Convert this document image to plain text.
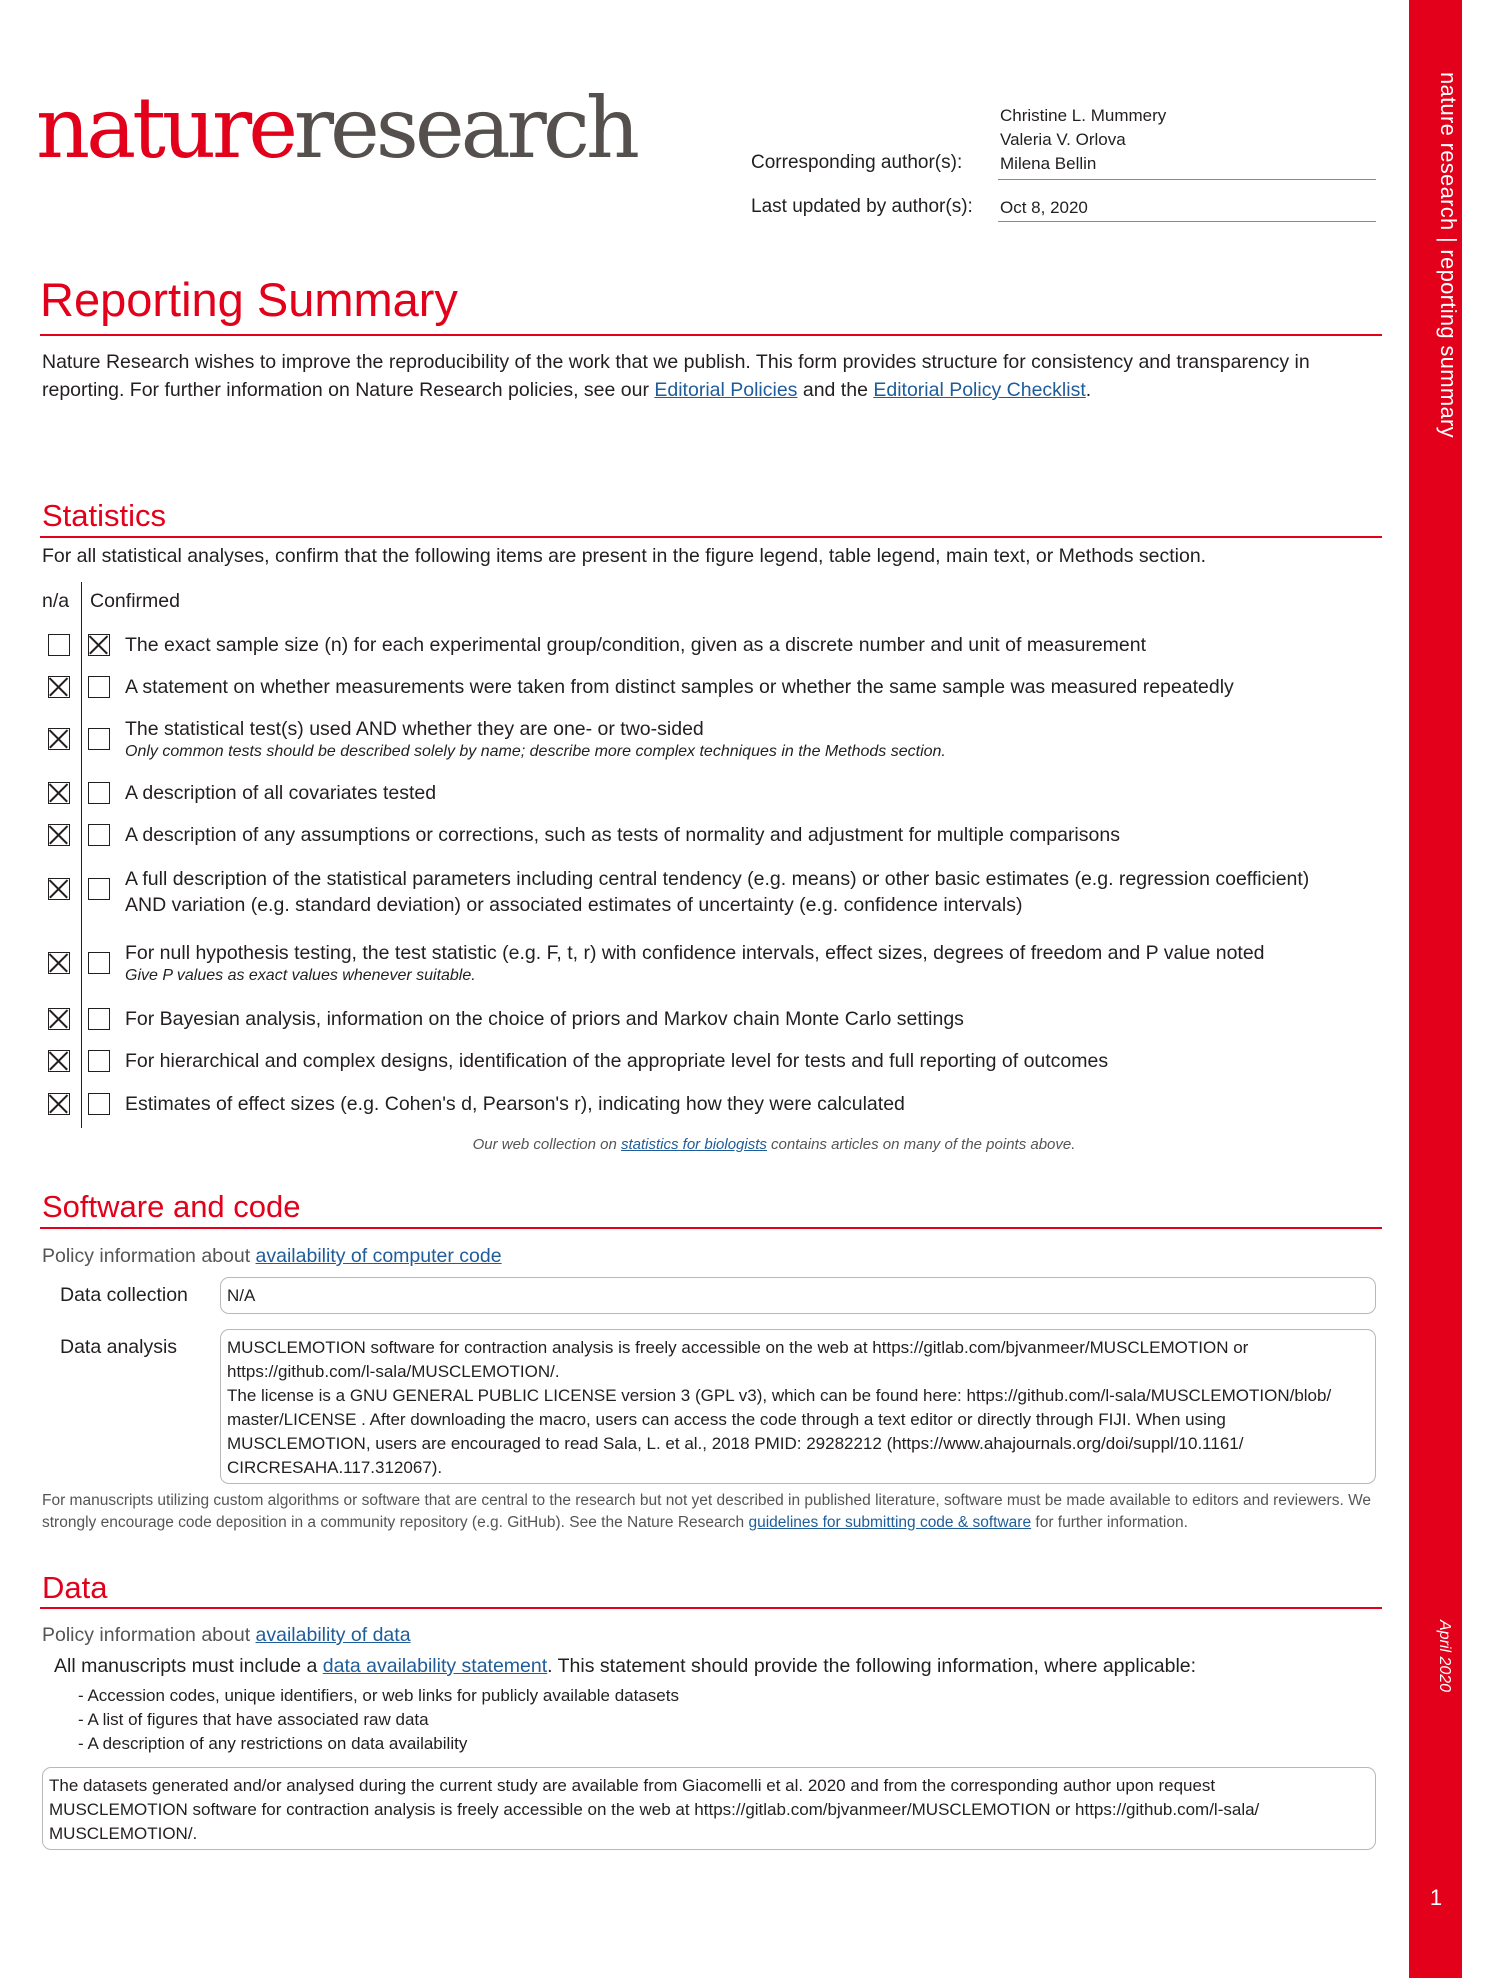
nature research | reporting summary
April 2020
1
natureresearch	Corresponding author(s):
Christine L. Mummery
Valeria V. Orlova
Milena Bellin
Last updated by author(s): Oct 8, 2020
Reporting Summary
Nature Research wishes to improve the reproducibility of the work that we publish. This form provides structure for consistency and transparency in reporting. For further information on Nature Research policies, see our Editorial Policies and the Editorial Policy Checklist.
Statistics
For all statistical analyses, confirm that the following items are present in the figure legend, table legend, main text, or Methods section.
n/a Confirmed
The exact sample size (n) for each experimental group/condition, given as a discrete number and unit of measurement
A statement on whether measurements were taken from distinct samples or whether the same sample was measured repeatedly
The statistical test(s) used AND whether they are one- or two-sided
Only common tests should be described solely by name; describe more complex techniques in the Methods section.
A description of all covariates tested
A description of any assumptions or corrections, such as tests of normality and adjustment for multiple comparisons
A full description of the statistical parameters including central tendency (e.g. means) or other basic estimates (e.g. regression coefficient)
AND variation (e.g. standard deviation) or associated estimates of uncertainty (e.g. confidence intervals)
For null hypothesis testing, the test statistic (e.g. F, t, r) with confidence intervals, effect sizes, degrees of freedom and P value noted
Give P values as exact values whenever suitable.
For Bayesian analysis, information on the choice of priors and Markov chain Monte Carlo settings
For hierarchical and complex designs, identification of the appropriate level for tests and full reporting of outcomes
Estimates of effect sizes (e.g. Cohen's d, Pearson's r), indicating how they were calculated
Our web collection on statistics for biologists contains articles on many of the points above.
Software and code
Policy information about availability of computer code
Data collection	N/A
Data analysis	MUSCLEMOTION software for contraction analysis is freely accessible on the web at https://gitlab.com/bjvanmeer/MUSCLEMOTION or
https://github.com/l-sala/MUSCLEMOTION/.
The license is a GNU GENERAL PUBLIC LICENSE version 3 (GPL v3), which can be found here: https://github.com/l-sala/MUSCLEMOTION/blob/
master/LICENSE . After downloading the macro, users can access the code through a text editor or directly through FIJI. When using
MUSCLEMOTION, users are encouraged to read Sala, L. et al., 2018 PMID: 29282212 (https://www.ahajournals.org/doi/suppl/10.1161/
CIRCRESAHA.117.312067).
For manuscripts utilizing custom algorithms or software that are central to the research but not yet described in published literature, software must be made available to editors and reviewers. We strongly encourage code deposition in a community repository (e.g. GitHub). See the Nature Research guidelines for submitting code & software for further information.
Data
Policy information about availability of data
All manuscripts must include a data availability statement. This statement should provide the following information, where applicable:
- Accession codes, unique identifiers, or web links for publicly available datasets
- A list of figures that have associated raw data
- A description of any restrictions on data availability
The datasets generated and/or analysed during the current study are available from Giacomelli et al. 2020 and from the corresponding author upon request
MUSCLEMOTION software for contraction analysis is freely accessible on the web at https://gitlab.com/bjvanmeer/MUSCLEMOTION or https://github.com/l-sala/
MUSCLEMOTION/.
